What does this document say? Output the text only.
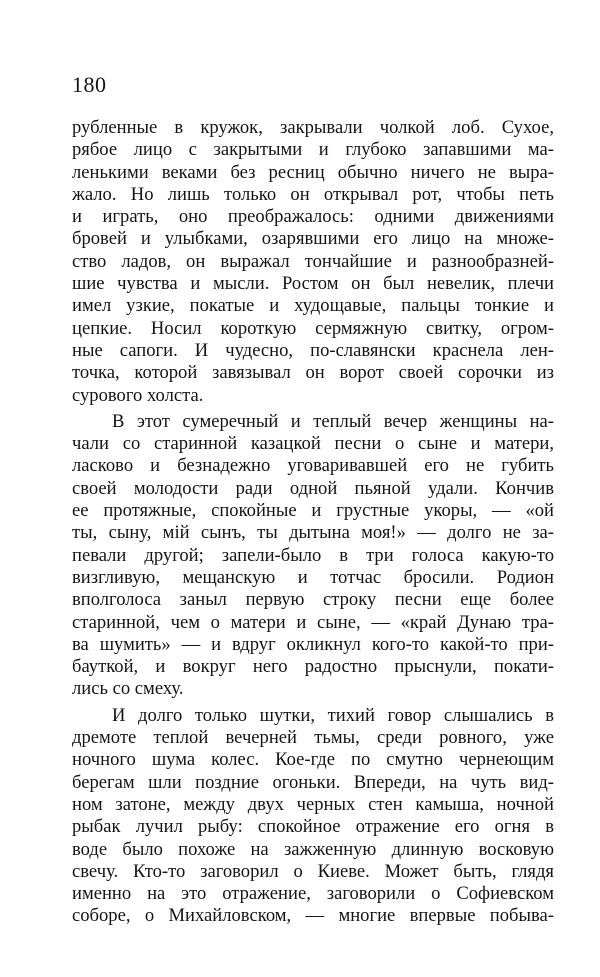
180
рубленные в кружок, закрывали чолкой лоб. Сухое,
рябое лицо с закрытыми и глубоко запавшими ма-
ленькими веками без ресниц обычно ничего не выра-
жало. Но лишь только он открывал рот, чтобы петь
и играть, оно преображалось: одними движениями
бровей и улыбками, озарявшими его лицо на множе-
ство ладов, он выражал тончайшие и разнообразней-
шие чувства и мысли. Ростом он был невелик, плечи
имел узкие, покатые и худощавые, пальцы тонкие и
цепкие. Носил короткую сермяжную свитку, огром-
ные сапоги. И чудесно, по-славянски краснела лен-
точка, которой завязывал он ворот своей сорочки из
сурового холста.
В этот сумеречный и теплый вечер женщины на-
чали со старинной казацкой песни о сыне и матери,
ласково и безнадежно уговаривавшей его не губить
своей молодости ради одной пьяной удали. Кончив
ее протяжные, спокойные и грустные укоры, — «ой
ты, сыну, мій сынъ, ты дытына моя!» — долго не за-
певали другой; запели-было в три голоса какую-то
визгливую, мещанскую и тотчас бросили. Родион
вполголоса заныл первую строку песни еще более
старинной, чем о матери и сыне, — «край Дунаю тра-
ва шумить» — и вдруг окликнул кого-то какой-то при-
бауткой, и вокруг него радостно прыснули, покати-
лись со смеху.
И долго только шутки, тихий говор слышались в
дремоте теплой вечерней тьмы, среди ровного, уже
ночного шума колес. Кое-где по смутно чернеющим
берегам шли поздние огоньки. Впереди, на чуть вид-
ном затоне, между двух черных стен камыша, ночной
рыбак лучил рыбу: спокойное отражение его огня в
воде было похоже на зажженную длинную восковую
свечу. Кто-то заговорил о Киеве. Может быть, глядя
именно на это отражение, заговорили о Софиевском
соборе, о Михайловском, — многие впервые побыва-
